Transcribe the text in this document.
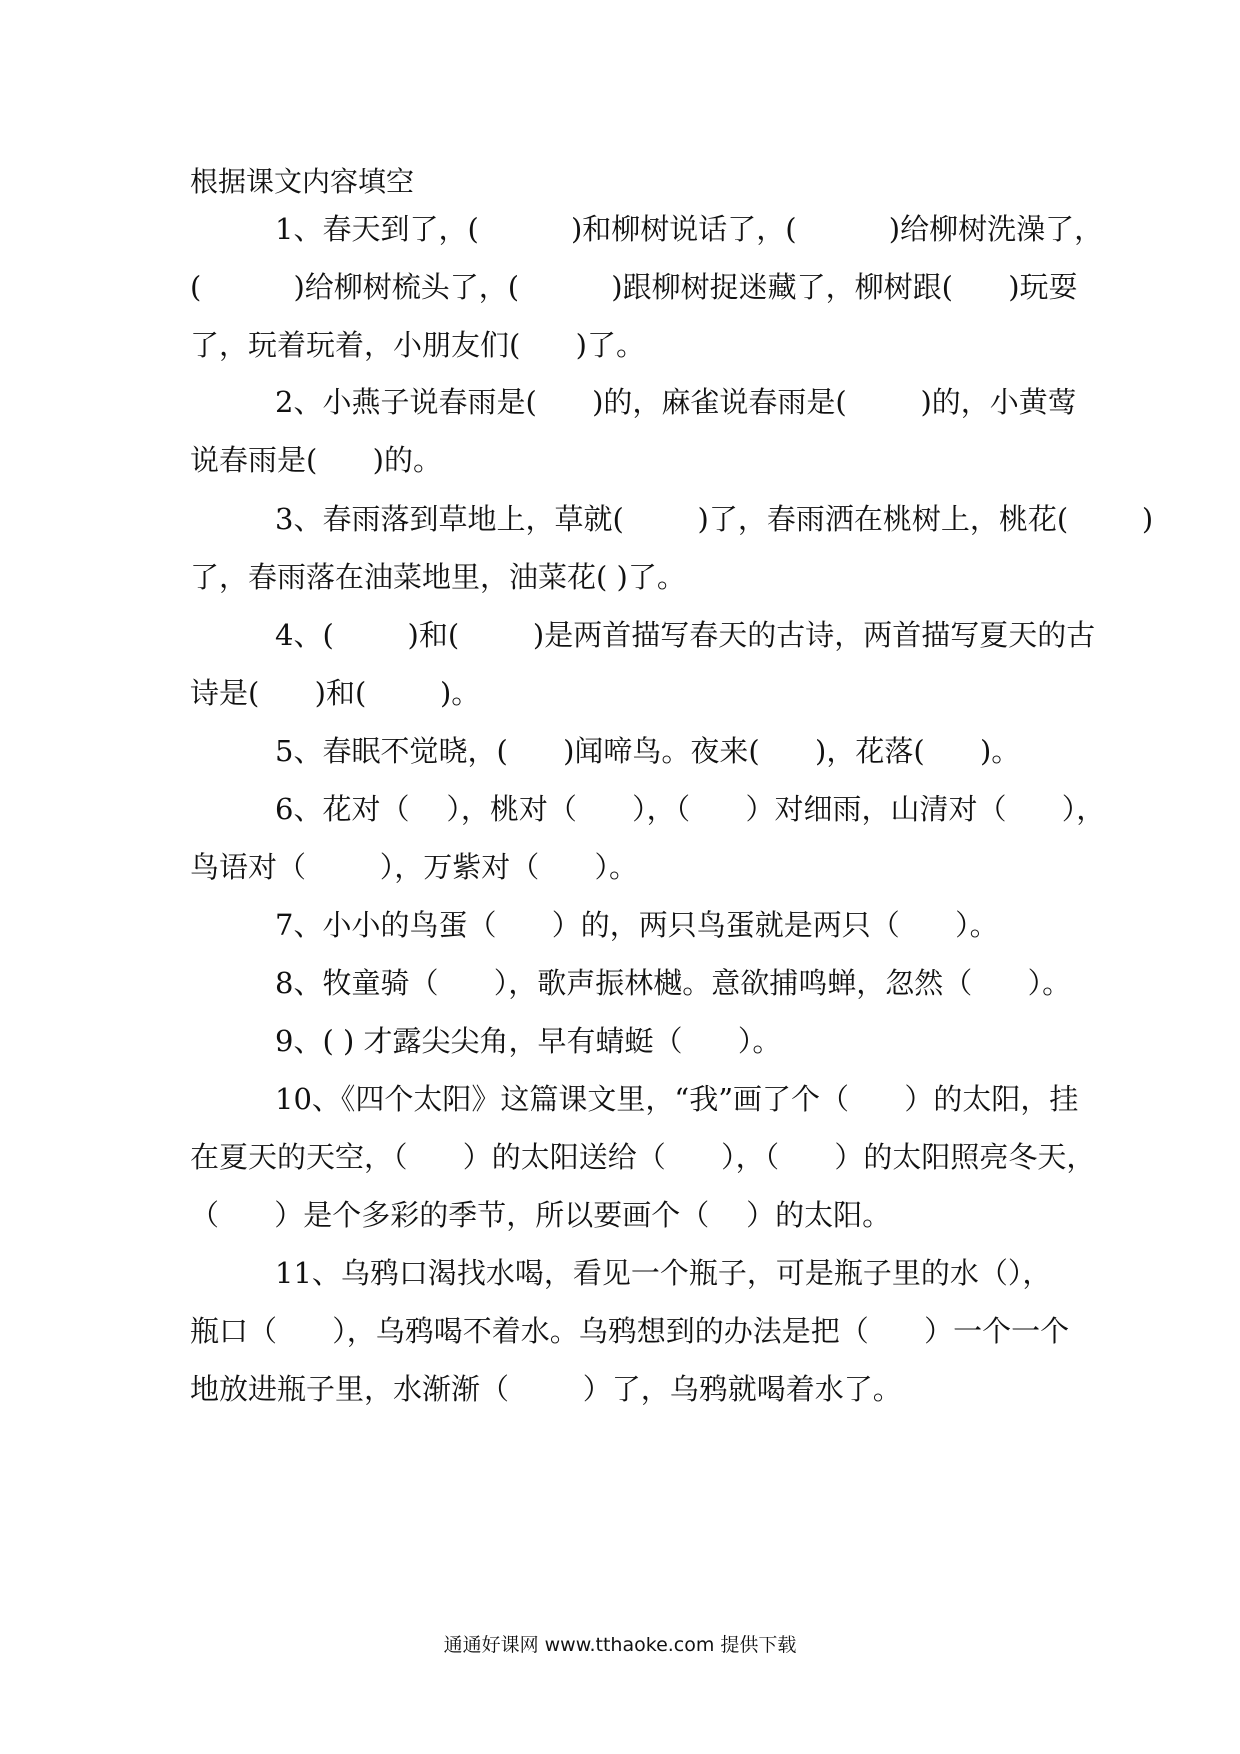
根据课文内容填空
1、春天到了，(          )和柳树说话了，(          )给柳树洗澡了，
(          )给柳树梳头了，(          )跟柳树捉迷藏了，柳树跟(      )玩耍
了，玩着玩着，小朋友们(      )了。
2、小燕子说春雨是(      )的，麻雀说春雨是(        )的，小黄莺
说春雨是(      )的。
3、春雨落到草地上，草就(        )了，春雨洒在桃树上，桃花(        )
了，春雨落在油菜地里，油菜花( )了。
4、(        )和(        )是两首描写春天的古诗，两首描写夏天的古
诗是(      )和(        )。
5、春眠不觉晓，(      )闻啼鸟。夜来(      )，花落(      )。
6、花对（    ），桃对（      ），（      ）对细雨，山清对（      ），
鸟语对（        ），万紫对（      ）。
7、小小的鸟蛋（      ）的，两只鸟蛋就是两只（      ）。
8、牧童骑（      ），歌声振林樾。意欲捕鸣蝉，忽然（      ）。
9、( ) 才露尖尖角，早有蜻蜓（      ）。
10、《四个太阳》这篇课文里，“我”画了个（      ）的太阳，挂
在夏天的天空，（      ）的太阳送给（      ），（      ）的太阳照亮冬天，
（      ）是个多彩的季节，所以要画个（    ）的太阳。
11、乌鸦口渴找水喝，看见一个瓶子，可是瓶子里的水（），
瓶口（      ），乌鸦喝不着水。乌鸦想到的办法是把（      ）一个一个
地放进瓶子里，水渐渐（        ）了，乌鸦就喝着水了。
通通好课网 www.tthaoke.com 提供下载
